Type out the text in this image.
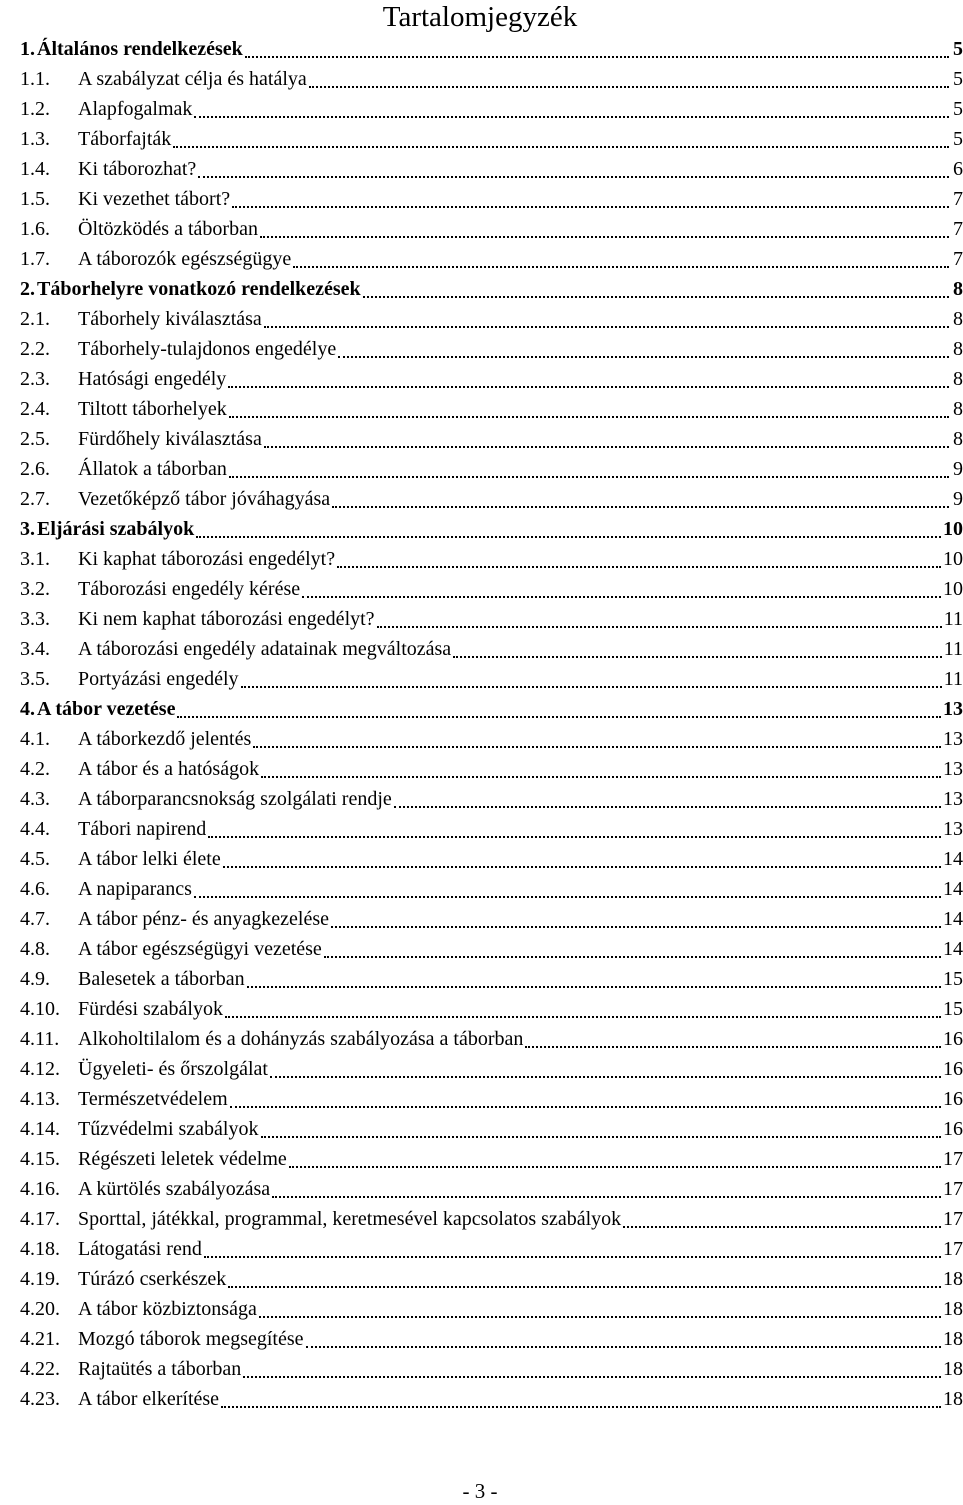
Tartalomjegyzék
1. Általános rendelkezések	5
1.1.	A szabályzat célja és hatálya	5
1.2.	Alapfogalmak	5
1.3.	Táborfajták	5
1.4.	Ki táborozhat?	6
1.5.	Ki vezethet tábort?	7
1.6.	Öltözködés a táborban	7
1.7.	A táborozók egészségügye	7
2. Táborhelyre vonatkozó rendelkezések	8
2.1.	Táborhely kiválasztása	8
2.2.	Táborhely-tulajdonos engedélye	8
2.3.	Hatósági engedély	8
2.4.	Tiltott táborhelyek	8
2.5.	Fürdőhely kiválasztása	8
2.6.	Állatok a táborban	9
2.7.	Vezetőképző tábor jóváhagyása	9
3. Eljárási szabályok	10
3.1.	Ki kaphat táborozási engedélyt?	10
3.2.	Táborozási engedély kérése	10
3.3.	Ki nem kaphat táborozási engedélyt?	11
3.4.	A táborozási engedély adatainak megváltozása	11
3.5.	Portyázási engedély	11
4. A tábor vezetése	13
4.1.	A táborkezdő jelentés	13
4.2.	A tábor és a hatóságok	13
4.3.	A táborparancsnokság szolgálati rendje	13
4.4.	Tábori napirend	13
4.5.	A tábor lelki élete	14
4.6.	A napiparancs	14
4.7.	A tábor pénz- és anyagkezelése	14
4.8.	A tábor egészségügyi vezetése	14
4.9.	Balesetek a táborban	15
4.10. Fürdési szabályok	15
4.11. Alkoholtilalom és a dohányzás szabályozása a táborban	16
4.12. Ügyeleti- és őrszolgálat	16
4.13. Természetvédelem	16
4.14. Tűzvédelmi szabályok	16
4.15. Régészeti leletek védelme	17
4.16. A kürtölés szabályozása	17
4.17. Sporttal, játékkal, programmal, keretmesével kapcsolatos szabályok	17
4.18. Látogatási rend	17
4.19. Túrázó cserkészek	18
4.20. A tábor közbiztonsága	18
4.21. Mozgó táborok megsegítése	18
4.22. Rajtaütés a táborban	18
4.23. A tábor elkerítése	18
- 3 -
